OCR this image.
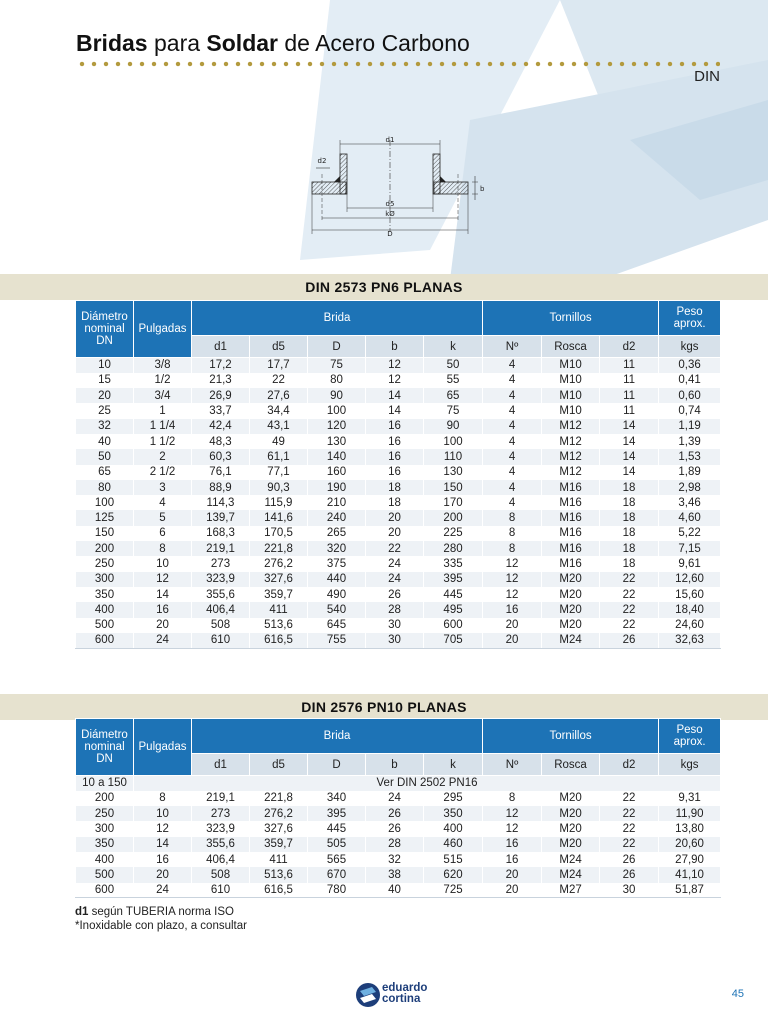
Bridas para Soldar de Acero Carbono
DIN
d1
d2
b
d5
kØ
D
DIN 2573 PN6 PLANAS
Diámetro nominal DN	Pulgadas	Brida					Tornillos			Peso aprox.
		d1	d5	D	b	k	Nº	Rosca	d2	kgs
10	3/8	17,2	17,7	75	12	50	4	M10	11	0,36
15	1/2	21,3	22	80	12	55	4	M10	11	0,41
20	3/4	26,9	27,6	90	14	65	4	M10	11	0,60
25	1	33,7	34,4	100	14	75	4	M10	11	0,74
32	1 1/4	42,4	43,1	120	16	90	4	M12	14	1,19
40	1 1/2	48,3	49	130	16	100	4	M12	14	1,39
50	2	60,3	61,1	140	16	110	4	M12	14	1,53
65	2 1/2	76,1	77,1	160	16	130	4	M12	14	1,89
80	3	88,9	90,3	190	18	150	4	M16	18	2,98
100	4	114,3	115,9	210	18	170	4	M16	18	3,46
125	5	139,7	141,6	240	20	200	8	M16	18	4,60
150	6	168,3	170,5	265	20	225	8	M16	18	5,22
200	8	219,1	221,8	320	22	280	8	M16	18	7,15
250	10	273	276,2	375	24	335	12	M16	18	9,61
300	12	323,9	327,6	440	24	395	12	M20	22	12,60
350	14	355,6	359,7	490	26	445	12	M20	22	15,60
400	16	406,4	411	540	28	495	16	M20	22	18,40
500	20	508	513,6	645	30	600	20	M20	22	24,60
600	24	610	616,5	755	30	705	20	M24	26	32,63
DIN 2576 PN10 PLANAS
Diámetro nominal DN	Pulgadas	Brida					Tornillos			Peso aprox.
		d1	d5	D	b	k	Nº	Rosca	d2	kgs
10 a 150	Ver DIN 2502 PN16									
200	8	219,1	221,8	340	24	295	8	M20	22	9,31
250	10	273	276,2	395	26	350	12	M20	22	11,90
300	12	323,9	327,6	445	26	400	12	M20	22	13,80
350	14	355,6	359,7	505	28	460	16	M20	22	20,60
400	16	406,4	411	565	32	515	16	M24	26	27,90
500	20	508	513,6	670	38	620	20	M24	26	41,10
600	24	610	616,5	780	40	725	20	M27	30	51,87
d1 según TUBERIA norma ISO
*Inoxidable con plazo, a consultar
eduardo
cortina	45
